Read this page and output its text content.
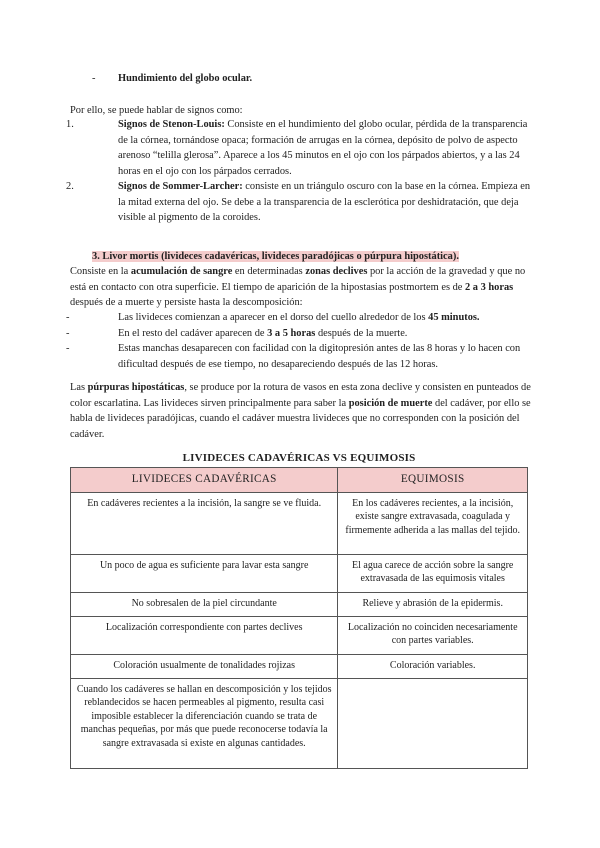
- Hundimiento del globo ocular.
Por ello, se puede hablar de signos como:
1.	Signos de Stenon-Louis: Consiste en el hundimiento del globo ocular, pérdida de la transparencia de la córnea, tornándose opaca; formación de arrugas en la córnea, depósito de polvo de aspecto arenoso “telilla glerosa”. Aparece a los 45 minutos en el ojo con los párpados abiertos, y a las 24 horas en el ojo con los párpados cerrados.
2.	Signos de Sommer-Larcher: consiste en un triángulo oscuro con la base en la córnea. Empieza en la mitad externa del ojo. Se debe a la transparencia de la esclerótica por deshidratación, que deja visible al pigmento de la coroides.
3. Livor mortis (livideces cadavéricas, livideces paradójicas o púrpura hipostática).
Consiste en la acumulación de sangre en determinadas zonas declives por la acción de la gravedad y que no está en contacto con otra superficie. El tiempo de aparición de la hipostasias postmortem es de 2 a 3 horas después de a muerte y persiste hasta la descomposición:
-	Las livideces comienzan a aparecer en el dorso del cuello alrededor de los 45 minutos.
-	En el resto del cadáver aparecen de 3 a 5 horas después de la muerte.
-	Estas manchas desaparecen con facilidad con la digitopresión antes de las 8 horas y lo hacen con dificultad después de ese tiempo, no desapareciendo después de las 12 horas.
Las púrpuras hipostáticas, se produce por la rotura de vasos en esta zona declive y consisten en punteados de color escarlatina. Las livideces sirven principalmente para saber la posición de muerte del cadáver, por ello se habla de livideces paradójicas, cuando el cadáver muestra livideces que no corresponden con la posición del cadáver.
LIVIDECES CADAVÉRICAS VS EQUIMOSIS
LIVIDECES CADAVÉRICAS	EQUIMOSIS
En cadáveres recientes a la incisión, la sangre se ve fluida.	En los cadáveres recientes, a la incisión, existe sangre extravasada, coagulada y firmemente adherida a las mallas del tejido.
Un poco de agua es suficiente para lavar esta sangre	El agua carece de acción sobre la sangre extravasada de las equimosis vitales
No sobresalen de la piel circundante	Relieve y abrasión de la epidermis.
Localización correspondiente con partes declives	Localización no coinciden necesariamente con partes variables.
Coloración usualmente de tonalidades rojizas	Coloración variables.
Cuando los cadáveres se hallan en descomposición y los tejidos reblandecidos se hacen permeables al pigmento, resulta casi imposible establecer la diferenciación cuando se trata de manchas pequeñas, por más que puede reconocerse todavía la sangre extravasada si existe en algunas cantidades.	
